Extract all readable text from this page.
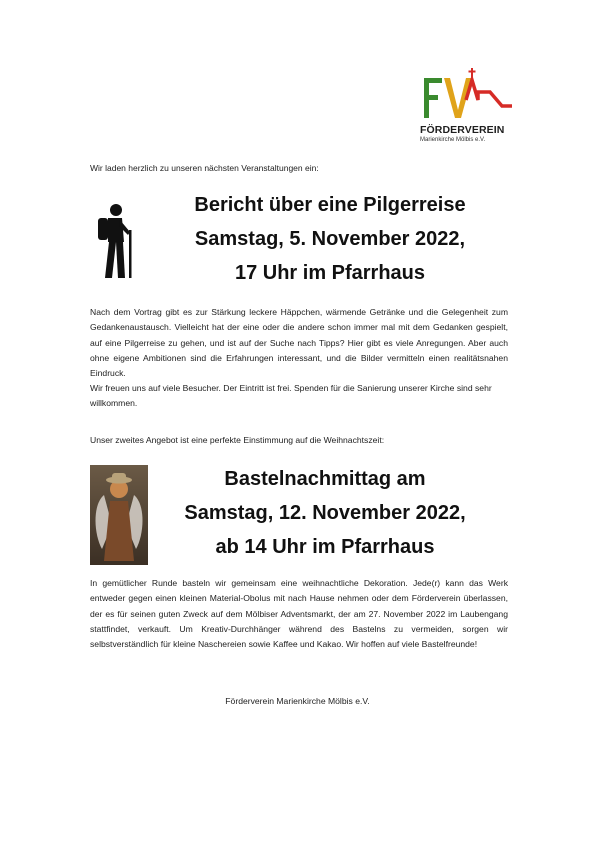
FÖRDERVEREIN
Marienkirche Mölbis e.V.
Wir laden herzlich zu unseren nächsten Veranstaltungen ein:
Bericht über eine Pilgerreise
Samstag, 5. November 2022,
17 Uhr im Pfarrhaus

Nach dem Vortrag gibt es zur Stärkung leckere Häppchen, wärmende Getränke und die Gelegenheit zum Gedankenaustausch. Vielleicht hat der eine oder die andere schon immer mal mit dem Gedanken gespielt, auf eine Pilgerreise zu gehen, und ist auf der Suche nach Tipps? Hier gibt es viele Anregungen. Aber auch ohne eigene Ambitionen sind die Erfahrungen interessant, und die Bilder vermitteln einen realitätsnahen Eindruck.

Wir freuen uns auf viele Besucher. Der Eintritt ist frei. Spenden für die Sanierung unserer Kirche sind sehr willkommen.

Unser zweites Angebot ist eine perfekte Einstimmung auf die Weihnachtszeit:
Bastelnachmittag am
Samstag, 12. November 2022,
ab 14 Uhr im Pfarrhaus

In gemütlicher Runde basteln wir gemeinsam eine weihnachtliche Dekoration. Jede(r) kann das Werk entweder gegen einen kleinen Material-Obolus mit nach Hause nehmen oder dem Förderverein überlassen, der es für seinen guten Zweck auf dem Mölbiser Adventsmarkt, der am 27. November 2022 im Laubengang stattfindet, verkauft. Um Kreativ-Durchhänger während des Bastelns zu vermeiden, sorgen wir selbstverständlich für kleine Naschereien sowie Kaffee und Kakao. Wir hoffen auf viele Bastelfreunde!

Förderverein Marienkirche Mölbis e.V.
